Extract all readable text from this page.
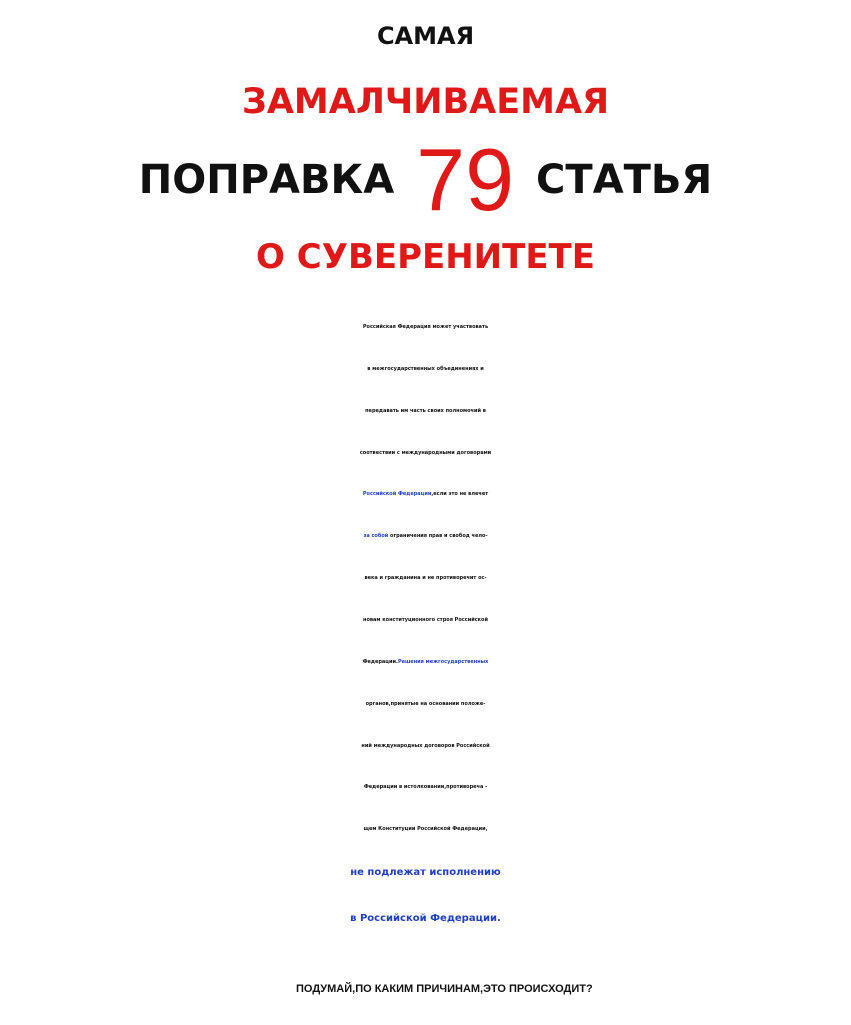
САМАЯ
ЗАМАЛЧИВАЕМАЯ
ПОПРАВКА 79 СТАТЬЯ
О СУВЕРЕНИТЕТЕ
Российская Федерация может участвовать
в межгосударственных объединениях и
передавать им часть своих полномочий в
соотвествии с международными договорами
Российской Федерации,если это не влечет
за собой ограничения прав и свобод чело-
века и гражданина и не противоречит ос-
новам конституционного строя Российской
Федерации.Решения межгосударственных
органов,принятые на основании положе-
ний международных договоров Российской
Федерации в истолковании,противореча -
щем Конституции Российской Федерации,
не подлежат исполнению
в Российской Федерации.
ПОДУМАЙ,ПО КАКИМ ПРИЧИНАМ,ЭТО ПРОИСХОДИТ?
